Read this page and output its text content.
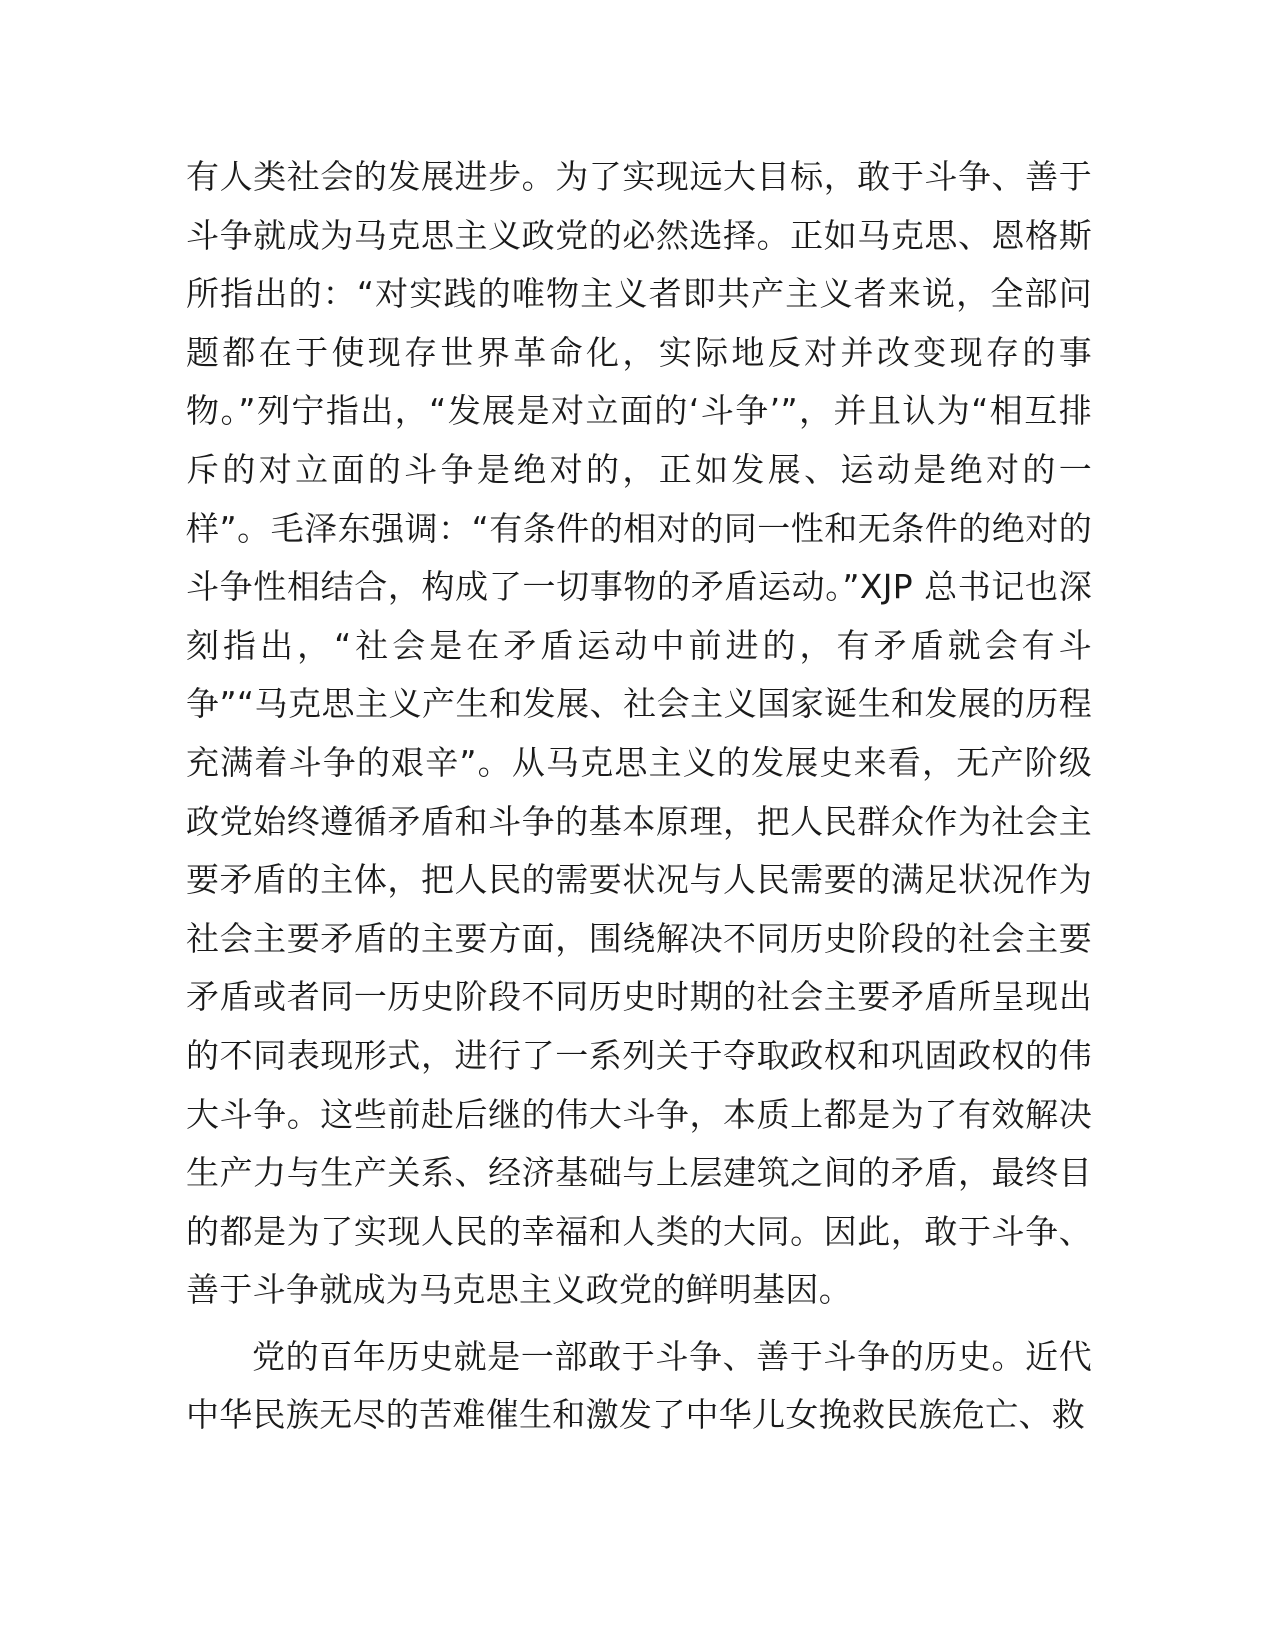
有人类社会的发展进步。为了实现远大目标，敢于斗争、善于斗争就成为马克思主义政党的必然选择。正如马克思、恩格斯所指出的：“对实践的唯物主义者即共产主义者来说，全部问题都在于使现存世界革命化，实际地反对并改变现存的事物。”列宁指出，“发展是对立面的‘斗争’”，并且认为“相互排斥的对立面的斗争是绝对的，正如发展、运动是绝对的一样”。毛泽东强调：“有条件的相对的同一性和无条件的绝对的斗争性相结合，构成了一切事物的矛盾运动。”XJP 总书记也深刻指出，“社会是在矛盾运动中前进的，有矛盾就会有斗争”“马克思主义产生和发展、社会主义国家诞生和发展的历程充满着斗争的艰辛”。从马克思主义的发展史来看，无产阶级政党始终遵循矛盾和斗争的基本原理，把人民群众作为社会主要矛盾的主体，把人民的需要状况与人民需要的满足状况作为社会主要矛盾的主要方面，围绕解决不同历史阶段的社会主要矛盾或者同一历史阶段不同历史时期的社会主要矛盾所呈现出的不同表现形式，进行了一系列关于夺取政权和巩固政权的伟大斗争。这些前赴后继的伟大斗争，本质上都是为了有效解决生产力与生产关系、经济基础与上层建筑之间的矛盾，最终目的都是为了实现人民的幸福和人类的大同。因此，敢于斗争、善于斗争就成为马克思主义政党的鲜明基因。

党的百年历史就是一部敢于斗争、善于斗争的历史。近代中华民族无尽的苦难催生和激发了中华儿女挽救民族危亡、救
